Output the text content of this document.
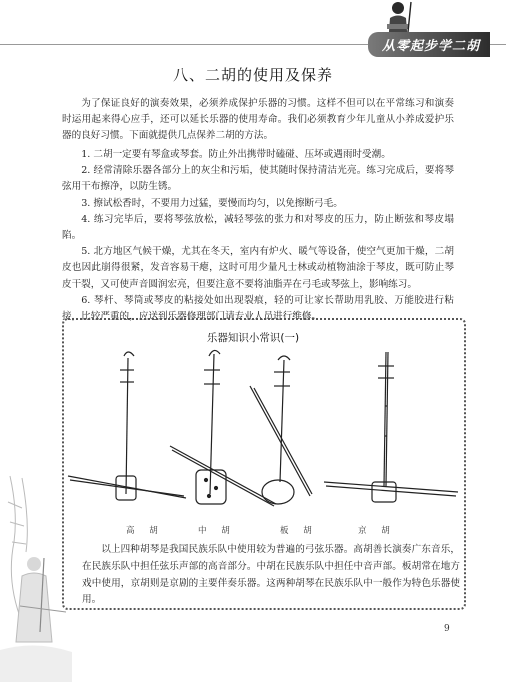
从零起步学二胡
八、二胡的使用及保养

为了保证良好的演奏效果，必须养成保护乐器的习惯。这样不但可以在平常练习和演奏时运用起来得心应手，还可以延长乐器的使用寿命。我们必须教育少年儿童从小养成爱护乐器的良好习惯。下面就提供几点保养二胡的方法。

1. 二胡一定要有琴盒或琴套。防止外出携带时磕碰、压坏或遇雨时受潮。
2. 经常清除乐器各部分上的灰尘和污垢，使其随时保持清洁光亮。练习完成后，要将琴弦用干布擦净，以防生锈。
3. 擦试松香时，不要用力过猛，要慢而均匀，以免擦断弓毛。
4. 练习完毕后，要将琴弦放松，减轻琴弦的张力和对琴皮的压力，防止断弦和琴皮塌陷。
5. 北方地区气候干燥，尤其在冬天，室内有炉火、暖气等设备，使空气更加干燥，二胡皮也因此崩得很紧，发音容易干瘪，这时可用少量凡士林或动植物油涂于琴皮，既可防止琴皮干裂，又可使声音圆润宏亮，但要注意不要将油脂弄在弓毛或琴弦上，影响练习。
6. 琴杆、琴筒或琴皮的粘接处如出现裂痕，轻的可让家长帮助用乳胶、万能胶进行粘接，比较严重的，应送到乐器修理部门请专业人员进行维修。
乐器知识小常识(一)
高 胡	中 胡	板 胡	京 胡

以上四种胡琴是我国民族乐队中使用较为普遍的弓弦乐器。高胡善长演奏广东音乐，在民族乐队中担任弦乐声部的高音部分。中胡在民族乐队中担任中音声部。板胡常在地方戏中使用，京胡则是京剧的主要伴奏乐器。这两种胡琴在民族乐队中一般作为特色乐器使用。

9
